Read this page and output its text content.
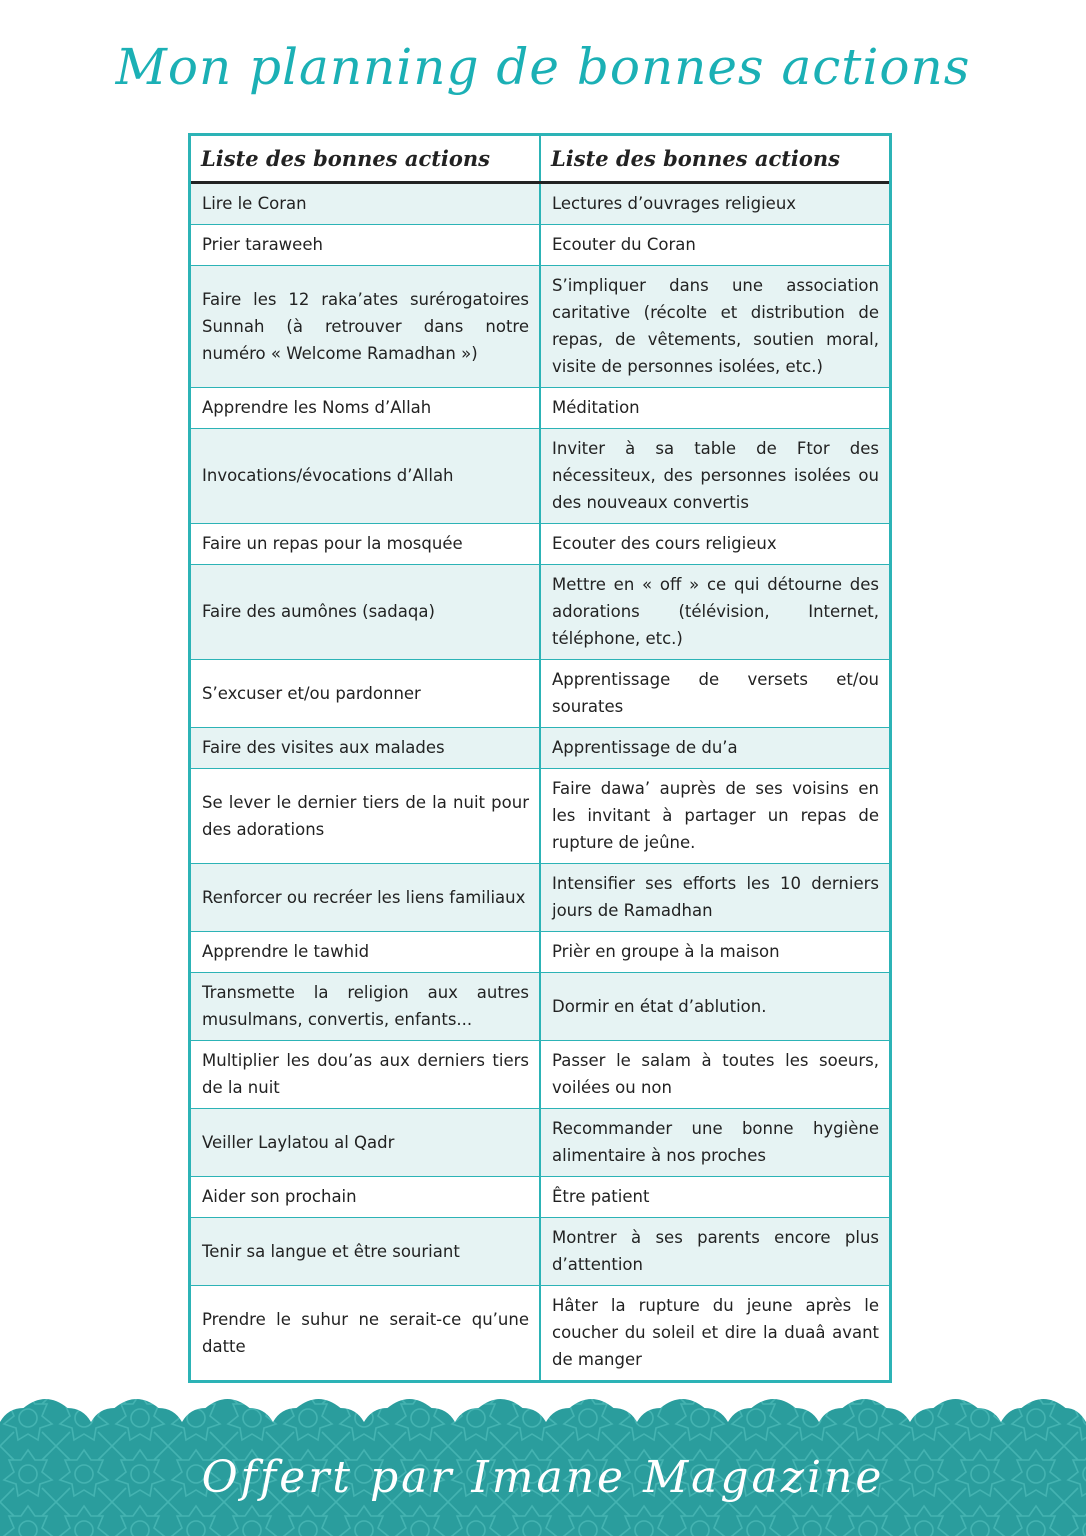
Mon planning de bonnes actions
Liste des bonnes actions	Liste des bonnes actions
Lire le Coran	Lectures d’ouvrages religieux
Prier taraweeh	Ecouter du Coran
Faire les 12 raka’ates surérogatoires Sunnah (à retrouver dans notre numéro « Welcome Ramadhan »)	S’impliquer dans une association caritative (récolte et distribution de repas, de vêtements, soutien moral, visite de personnes isolées, etc.)
Apprendre les Noms d’Allah	Méditation
Invocations/évocations d’Allah	Inviter à sa table de Ftor des nécessiteux, des personnes isolées ou des nouveaux convertis
Faire un repas pour la mosquée	Ecouter des cours religieux
Faire des aumônes (sadaqa)	Mettre en « off » ce qui détourne des adorations (télévision, Internet, téléphone, etc.)
S’excuser et/ou pardonner	Apprentissage de versets et/ou sourates
Faire des visites aux malades	Apprentissage de du’a
Se lever le dernier tiers de la nuit pour des adorations	Faire dawa’ auprès de ses voisins en les invitant à partager un repas de rupture de jeûne.
Renforcer ou recréer les liens familiaux	Intensifier ses efforts les 10 derniers jours de Ramadhan
Apprendre le tawhid	Prièr en groupe à la maison
Transmette la religion aux autres musulmans, convertis, enfants...	Dormir en état d’ablution.
Multiplier les dou’as aux derniers tiers de la nuit	Passer le salam à toutes les soeurs, voilées ou non
Veiller Laylatou al Qadr	Recommander une bonne hygiène alimentaire à nos proches
Aider son prochain	Être patient
Tenir sa langue et être souriant	Montrer à ses parents encore plus d’attention
Prendre le suhur ne serait-ce qu’une datte	Hâter la rupture du jeune après le coucher du soleil et dire la duaâ avant de manger
Offert par Imane Magazine
